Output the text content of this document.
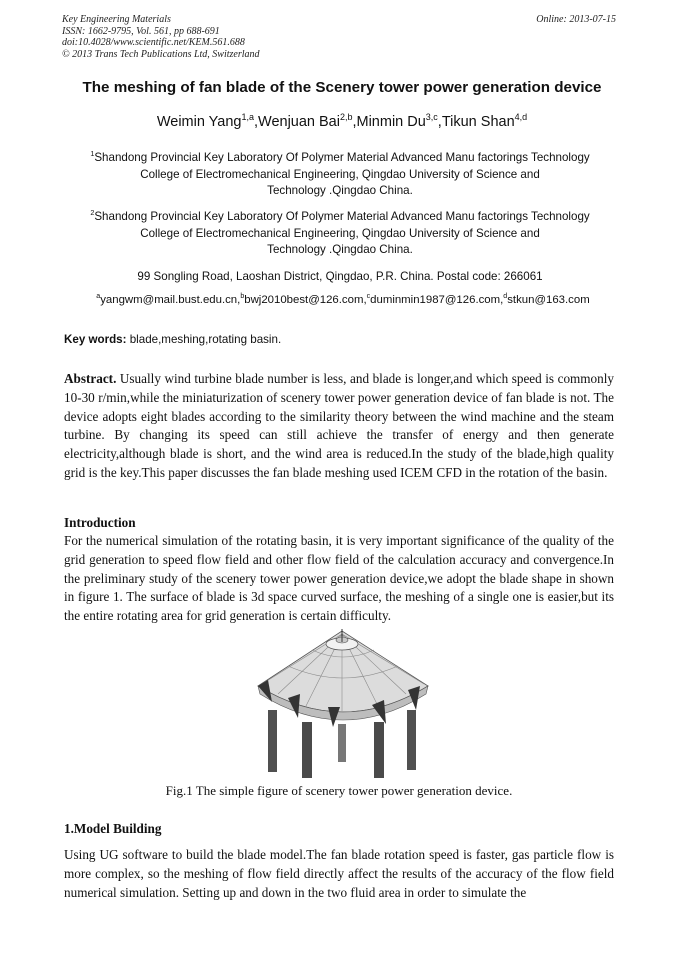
Key Engineering Materials
ISSN: 1662-9795, Vol. 561, pp 688-691
doi:10.4028/www.scientific.net/KEM.561.688
© 2013 Trans Tech Publications Ltd, Switzerland
Online: 2013-07-15
The meshing of fan blade of the Scenery tower power generation device
Weimin Yang$^{1,a}$,Wenjuan Bai$^{2,b}$,Minmin Du$^{3,c}$,Tikun Shan$^{4,d}$
$^1$Shandong Provincial Key Laboratory Of Polymer Material Advanced Manu factorings Technology
College of Electromechanical Engineering, Qingdao University of Science and
Technology .Qingdao China.
$^2$Shandong Provincial Key Laboratory Of Polymer Material Advanced Manu factorings Technology
College of Electromechanical Engineering, Qingdao University of Science and
Technology .Qingdao China.
99 Songling Road, Laoshan District, Qingdao, P.R. China. Postal code: 266061
$^a$yangwm@mail.bust.edu.cn,$^b$bwj2010best@126.com,$^c$duminmin1987@126.com,$^d$stkun@163.com
Key words: blade,meshing,rotating basin.
Abstract. Usually wind turbine blade number is less, and blade is longer,and which speed is commonly 10-30 r/min,while the miniaturization of scenery tower power generation device of fan blade is not. The device adopts eight blades according to the similarity theory between the wind machine and the steam turbine. By changing its speed can still achieve the transfer of energy and then generate electricity,although blade is short, and the wind area is reduced.In the study of the blade,high quality grid is the key.This paper discusses the fan blade meshing used ICEM CFD in the rotation of the basin.
Introduction
For the numerical simulation of the rotating basin, it is very important significance of the quality of the grid generation to speed flow field and other flow field of the calculation accuracy and convergence.In the preliminary study of the scenery tower power generation device,we adopt the blade shape in shown in figure 1. The surface of blade is 3d space curved surface, the meshing of a single one is easier,but its the entire rotating area for grid generation is certain difficulty.
Fig.1 The simple figure of scenery tower power generation device.
1.Model Building
Using UG software to build the blade model.The fan blade rotation speed is faster, gas particle flow is more complex, so the meshing of flow field directly affect the results of the accuracy of the flow field numerical simulation. Setting up and down in the two fluid area in order to simulate the
